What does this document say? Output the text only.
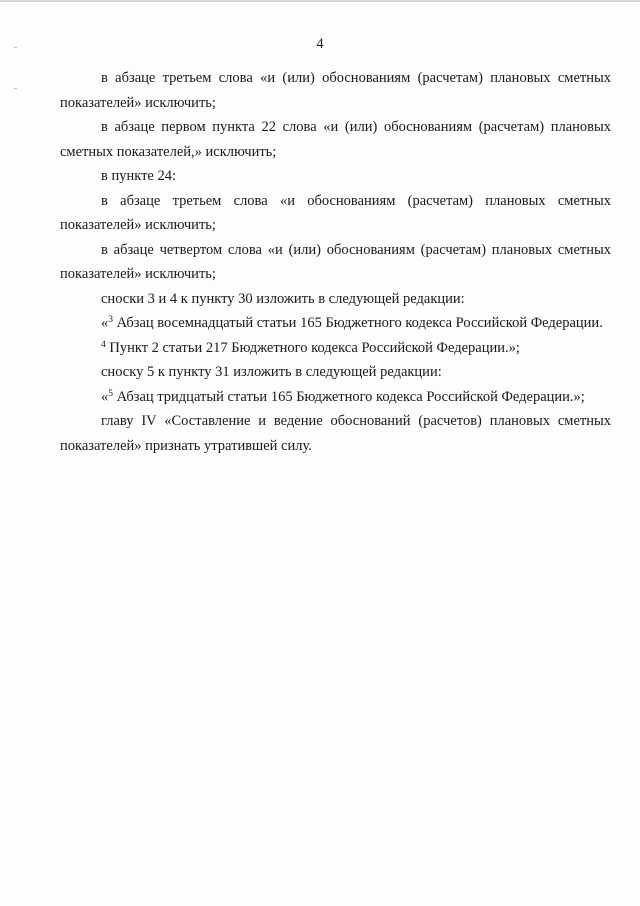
4

в абзаце третьем слова «и (или) обоснованиям (расчетам) плановых сметных показателей» исключить;

в абзаце первом пункта 22 слова «и (или) обоснованиям (расчетам) плановых сметных показателей,» исключить;

в пункте 24:

в абзаце третьем слова «и обоснованиям (расчетам) плановых сметных показателей» исключить;

в абзаце четвертом слова «и (или) обоснованиям (расчетам) плановых сметных показателей» исключить;

сноски 3 и 4 к пункту 30 изложить в следующей редакции:

«$^3$ Абзац восемнадцатый статьи 165 Бюджетного кодекса Российской Федерации.

$^4$ Пункт 2 статьи 217 Бюджетного кодекса Российской Федерации.»;

сноску 5 к пункту 31 изложить в следующей редакции:

«$^5$ Абзац тридцатый статьи 165 Бюджетного кодекса Российской Федерации.»;

главу IV «Составление и ведение обоснований (расчетов) плановых сметных показателей» признать утратившей силу.
